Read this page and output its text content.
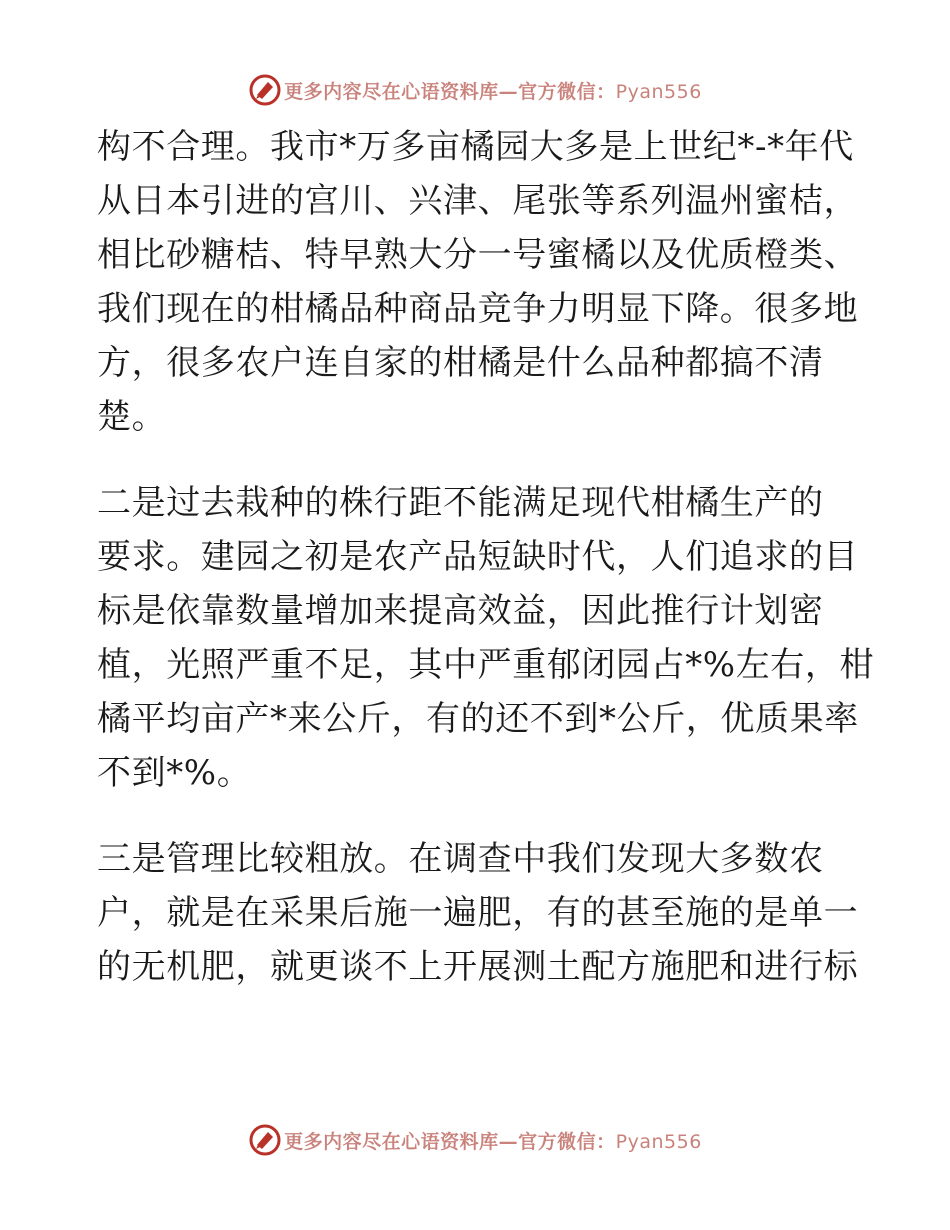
更多内容尽在心语资料库—官方微信：Pyan556
构不合理。我市*万多亩橘园大多是上世纪*-*年代
从日本引进的宫川、兴津、尾张等系列温州蜜桔，
相比砂糖桔、特早熟大分一号蜜橘以及优质橙类、
我们现在的柑橘品种商品竞争力明显下降。很多地
方，很多农户连自家的柑橘是什么品种都搞不清
楚。
二是过去栽种的株行距不能满足现代柑橘生产的
要求。建园之初是农产品短缺时代，人们追求的目
标是依靠数量增加来提高效益，因此推行计划密
植，光照严重不足，其中严重郁闭园占*%左右，柑
橘平均亩产*来公斤，有的还不到*公斤，优质果率
不到*%。
三是管理比较粗放。在调查中我们发现大多数农
户，就是在采果后施一遍肥，有的甚至施的是单一
的无机肥，就更谈不上开展测土配方施肥和进行标
更多内容尽在心语资料库—官方微信：Pyan556
